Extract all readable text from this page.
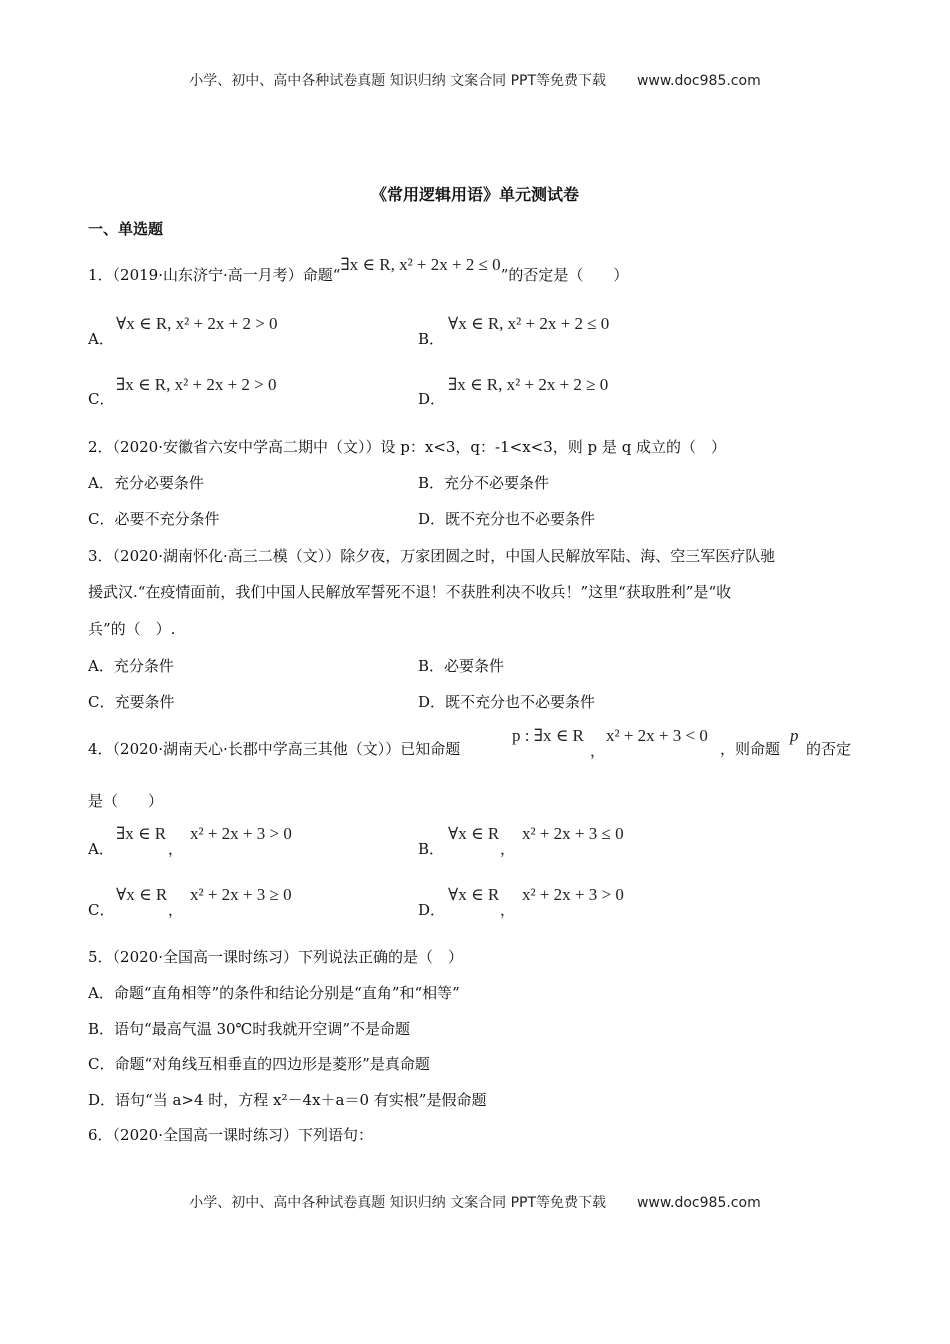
小学、初中、高中各种试卷真题 知识归纳 文案合同 PPT等免费下载 www.doc985.com
《常用逻辑用语》单元测试卷
一、单选题
1．（2019·山东济宁·高一月考）命题“∃x ∈ R, x² + 2x + 2 ≤ 0”的否定是（　　）
A．
∀x ∈ R, x² + 2x + 2 > 0
B．
∀x ∈ R, x² + 2x + 2 ≤ 0
C．
∃x ∈ R, x² + 2x + 2 > 0
D．
∃x ∈ R, x² + 2x + 2 ≥ 0
2．（2020·安徽省六安中学高二期中（文））设 p：x<3，q：-1<x<3，则 p 是 q 成立的（　）
A．充分必要条件	B．充分不必要条件
C．必要不充分条件	D．既不充分也不必要条件
3．（2020·湖南怀化·高三二模（文））除夕夜，万家团圆之时，中国人民解放军陆、海、空三军医疗队驰
援武汉.“在疫情面前，我们中国人民解放军誓死不退！不获胜利决不收兵！”这里“获取胜利”是“收
兵”的（　）.
A．充分条件	B．必要条件
C．充要条件	D．既不充分也不必要条件
4．（2020·湖南天心·长郡中学高三其他（文））已知命题
p : ∃x ∈ R
，
x² + 2x + 3 < 0
，则命题
p
的否定
是（　　）
A．
∃x ∈ R
，
x² + 2x + 3 > 0
B．
∀x ∈ R
，
x² + 2x + 3 ≤ 0
C．
∀x ∈ R
，
x² + 2x + 3 ≥ 0
D．
∀x ∈ R
，
x² + 2x + 3 > 0
5．（2020·全国高一课时练习）下列说法正确的是（　）
A．命题“直角相等”的条件和结论分别是“直角”和“相等”
B．语句“最高气温 30℃时我就开空调”不是命题
C．命题“对角线互相垂直的四边形是菱形”是真命题
D．语句“当 a>4 时，方程 x²－4x＋a＝0 有实根”是假命题
6．（2020·全国高一课时练习）下列语句：
小学、初中、高中各种试卷真题 知识归纳 文案合同 PPT等免费下载 www.doc985.com
